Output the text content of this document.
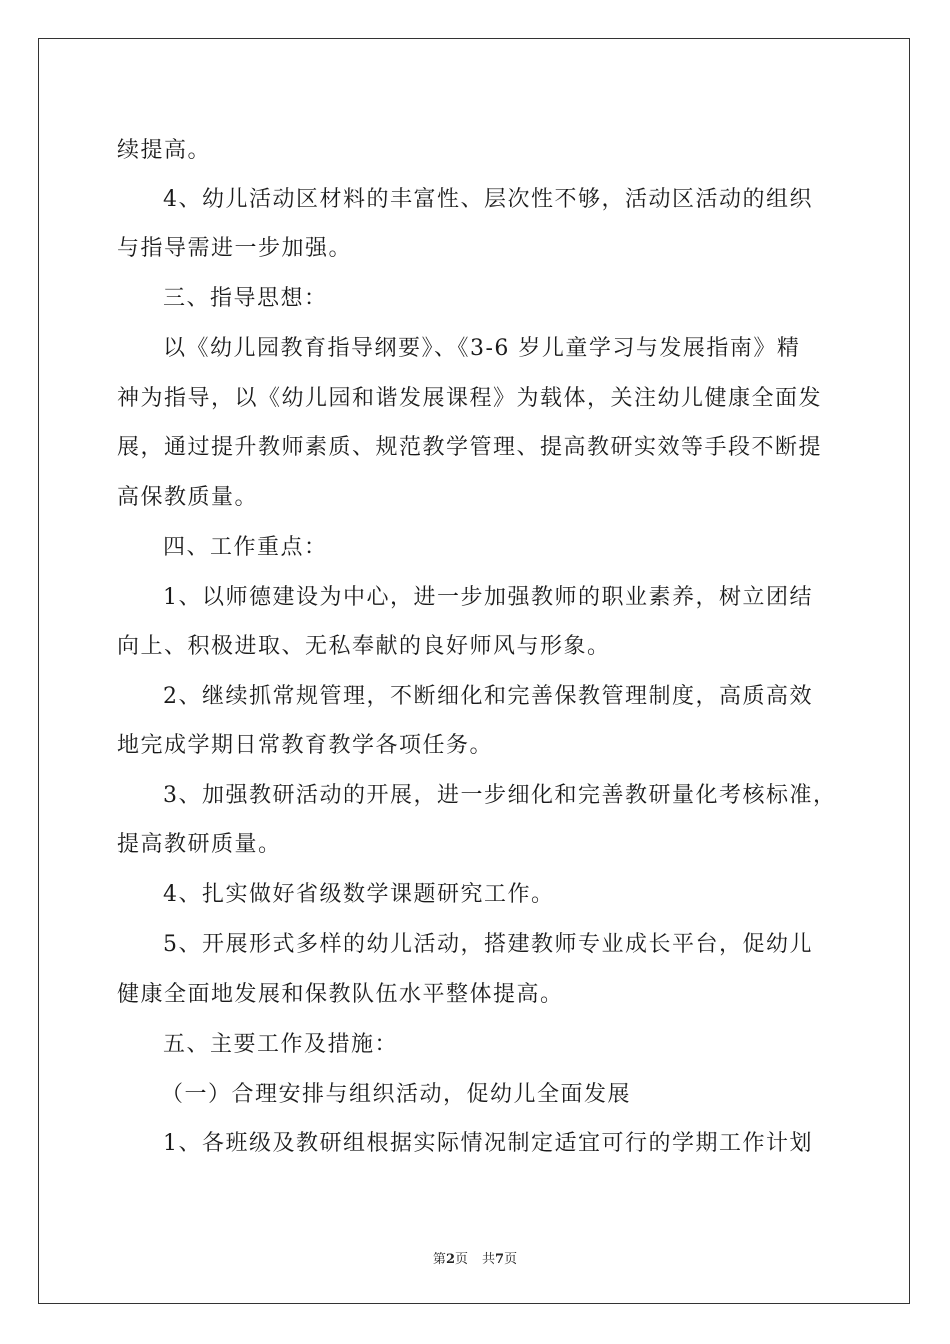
续提高。
4、幼儿活动区材料的丰富性、层次性不够，活动区活动的组织
与指导需进一步加强。
三、指导思想：
以《幼儿园教育指导纲要》、《3-6 岁儿童学习与发展指南》精
神为指导，以《幼儿园和谐发展课程》为载体，关注幼儿健康全面发
展，通过提升教师素质、规范教学管理、提高教研实效等手段不断提
高保教质量。
四、工作重点：
1、以师德建设为中心，进一步加强教师的职业素养，树立团结
向上、积极进取、无私奉献的良好师风与形象。
2、继续抓常规管理，不断细化和完善保教管理制度，高质高效
地完成学期日常教育教学各项任务。
3、加强教研活动的开展，进一步细化和完善教研量化考核标准，
提高教研质量。
4、扎实做好省级数学课题研究工作。
5、开展形式多样的幼儿活动，搭建教师专业成长平台，促幼儿
健康全面地发展和保教队伍水平整体提高。
五、主要工作及措施：
（一）合理安排与组织活动，促幼儿全面发展
1、各班级及教研组根据实际情况制定适宜可行的学期工作计划
第2页 共7页
